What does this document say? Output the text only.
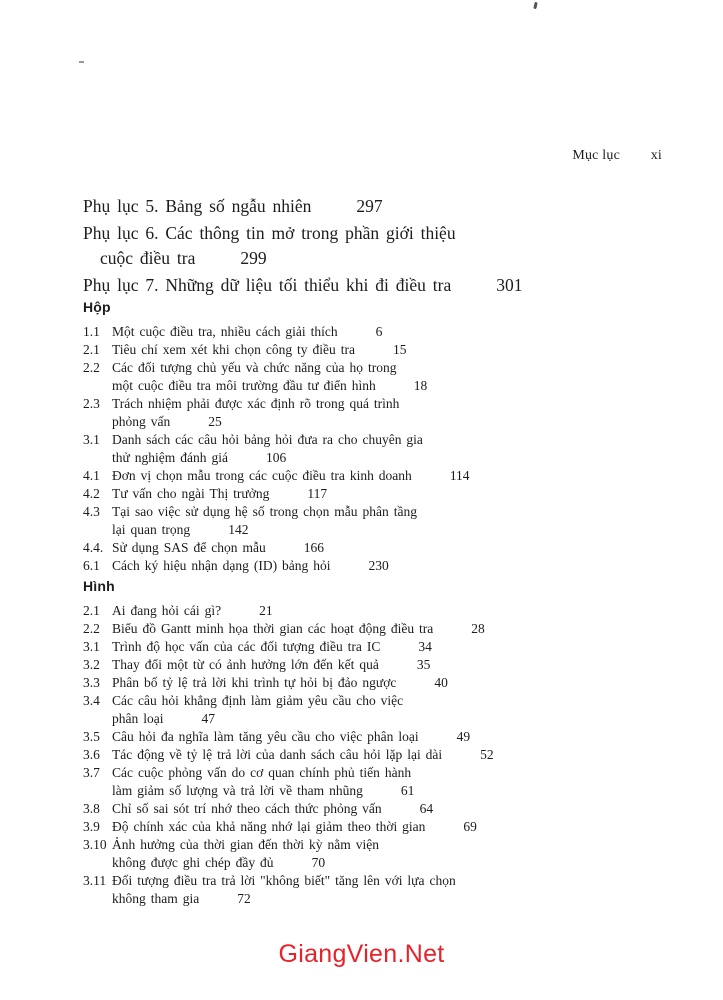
Mục lục xi
Phụ lục 5. Bảng số ngẫu nhiên	297
Phụ lục 6. Các thông tin mở trong phần giới thiệu
cuộc điều tra	299
Phụ lục 7. Những dữ liệu tối thiểu khi đi điều tra	301
Hộp
1.1 Một cuộc điều tra, nhiều cách giải thích	6
2.1 Tiêu chí xem xét khi chọn công ty điều tra	15
2.2 Các đối tượng chủ yếu và chức năng của họ trong
một cuộc điều tra môi trường đầu tư điển hình	18
2.3 Trách nhiệm phải được xác định rõ trong quá trình
phỏng vấn	25
3.1 Danh sách các câu hỏi bảng hỏi đưa ra cho chuyên gia
thử nghiệm đánh giá	106
4.1 Đơn vị chọn mẫu trong các cuộc điều tra kinh doanh	114
4.2 Tư vấn cho ngài Thị trưởng	117
4.3 Tại sao việc sử dụng hệ số trong chọn mẫu phân tầng
lại quan trọng	142
4.4. Sử dụng SAS để chọn mẫu	166
6.1 Cách ký hiệu nhận dạng (ID) bảng hỏi	230
Hình
2.1 Ai đang hỏi cái gì?	21
2.2 Biểu đồ Gantt minh họa thời gian các hoạt động điều tra	28
3.1 Trình độ học vấn của các đối tượng điều tra IC	34
3.2 Thay đổi một từ có ảnh hưởng lớn đến kết quả	35
3.3 Phân bố tỷ lệ trả lời khi trình tự hỏi bị đảo ngược	40
3.4 Các câu hỏi khẳng định làm giảm yêu cầu cho việc
phân loại	47
3.5 Câu hỏi đa nghĩa làm tăng yêu cầu cho việc phân loại	49
3.6 Tác động về tỷ lệ trả lời của danh sách câu hỏi lặp lại dài	52
3.7 Các cuộc phỏng vấn do cơ quan chính phủ tiến hành
làm giảm số lượng và trả lời về tham nhũng	61
3.8 Chỉ số sai sót trí nhớ theo cách thức phỏng vấn	64
3.9 Độ chính xác của khả năng nhớ lại giảm theo thời gian	69
3.10 Ảnh hưởng của thời gian đến thời kỳ nằm viện
không được ghi chép đầy đủ	70
3.11 Đối tượng điều tra trả lời "không biết" tăng lên với lựa chọn
không tham gia	72
GiangVien.Net
